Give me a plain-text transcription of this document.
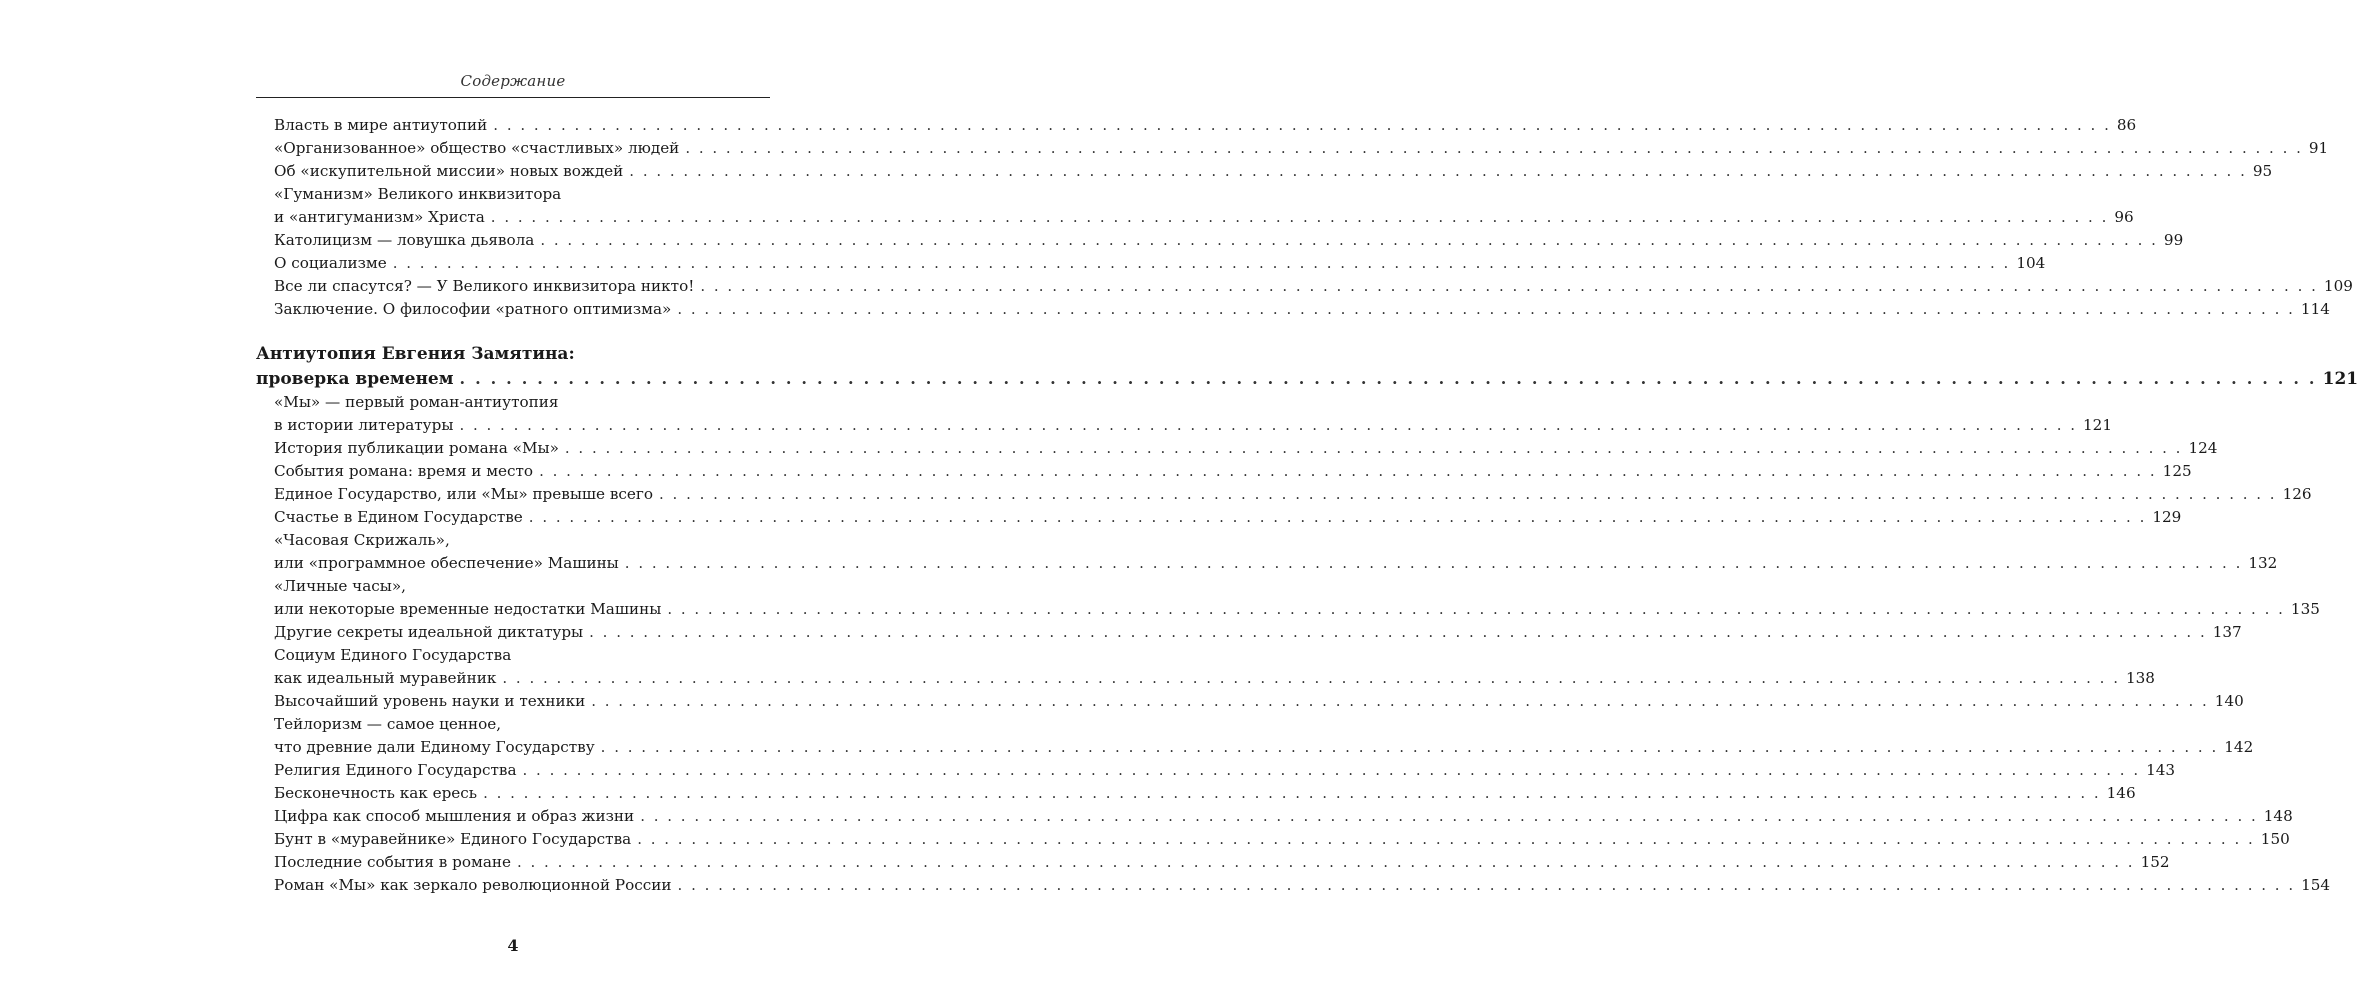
Содержание
Власть в мире антиутопий . . . . . . . . . . . . . . . . . . . . . . . . . . . . . . . . . . . . . . . . . . . . . . . . . . . . . . . . . . . . . . . . . . . . . . . . . . . . . . . . . . . . . . . . . . . . . . . . . . . . . . . . . . . . . . . . . . . . . . . . 86
«Организованное» общество «счастливых» людей . . . . . . . . . . . . . . . . . . . . . . . . . . . . . . . . . . . . . . . . . . . . . . . . . . . . . . . . . . . . . . . . . . . . . . . . . . . . . . . . . . . . . . . . . . . . . . . . . . . . . . . . . . . . . . . . . . . . . . . . 91
Об «искупительной миссии» новых вождей . . . . . . . . . . . . . . . . . . . . . . . . . . . . . . . . . . . . . . . . . . . . . . . . . . . . . . . . . . . . . . . . . . . . . . . . . . . . . . . . . . . . . . . . . . . . . . . . . . . . . . . . . . . . . . . . . . . . . . . . 95
«Гуманизм» Великого инквизитора
и «антигуманизм» Христа . . . . . . . . . . . . . . . . . . . . . . . . . . . . . . . . . . . . . . . . . . . . . . . . . . . . . . . . . . . . . . . . . . . . . . . . . . . . . . . . . . . . . . . . . . . . . . . . . . . . . . . . . . . . . . . . . . . . . . . . 96
Католицизм — ловушка дьявола . . . . . . . . . . . . . . . . . . . . . . . . . . . . . . . . . . . . . . . . . . . . . . . . . . . . . . . . . . . . . . . . . . . . . . . . . . . . . . . . . . . . . . . . . . . . . . . . . . . . . . . . . . . . . . . . . . . . . . . . 99
О социализме . . . . . . . . . . . . . . . . . . . . . . . . . . . . . . . . . . . . . . . . . . . . . . . . . . . . . . . . . . . . . . . . . . . . . . . . . . . . . . . . . . . . . . . . . . . . . . . . . . . . . . . . . . . . . . . . . . . . . . . . 104
Все ли спасутся? — У Великого инквизитора никто! . . . . . . . . . . . . . . . . . . . . . . . . . . . . . . . . . . . . . . . . . . . . . . . . . . . . . . . . . . . . . . . . . . . . . . . . . . . . . . . . . . . . . . . . . . . . . . . . . . . . . . . . . . . . . . . . . . . . . . . . 109
Заключение. О философии «ратного оптимизма» . . . . . . . . . . . . . . . . . . . . . . . . . . . . . . . . . . . . . . . . . . . . . . . . . . . . . . . . . . . . . . . . . . . . . . . . . . . . . . . . . . . . . . . . . . . . . . . . . . . . . . . . . . . . . . . . . . . . . . . . 114
Антиутопия Евгения Замятина:
проверка временем . . . . . . . . . . . . . . . . . . . . . . . . . . . . . . . . . . . . . . . . . . . . . . . . . . . . . . . . . . . . . . . . . . . . . . . . . . . . . . . . . . . . . . . . . . . . . . . . . . . . . . . . . . . . . . . . . . . . . . . . 121
«Мы» — первый роман-антиутопия
в истории литературы . . . . . . . . . . . . . . . . . . . . . . . . . . . . . . . . . . . . . . . . . . . . . . . . . . . . . . . . . . . . . . . . . . . . . . . . . . . . . . . . . . . . . . . . . . . . . . . . . . . . . . . . . . . . . . . . . . . . . . . . 121
История публикации романа «Мы» . . . . . . . . . . . . . . . . . . . . . . . . . . . . . . . . . . . . . . . . . . . . . . . . . . . . . . . . . . . . . . . . . . . . . . . . . . . . . . . . . . . . . . . . . . . . . . . . . . . . . . . . . . . . . . . . . . . . . . . . 124
События романа: время и место . . . . . . . . . . . . . . . . . . . . . . . . . . . . . . . . . . . . . . . . . . . . . . . . . . . . . . . . . . . . . . . . . . . . . . . . . . . . . . . . . . . . . . . . . . . . . . . . . . . . . . . . . . . . . . . . . . . . . . . . 125
Единое Государство, или «Мы» превыше всего . . . . . . . . . . . . . . . . . . . . . . . . . . . . . . . . . . . . . . . . . . . . . . . . . . . . . . . . . . . . . . . . . . . . . . . . . . . . . . . . . . . . . . . . . . . . . . . . . . . . . . . . . . . . . . . . . . . . . . . . 126
Счастье в Едином Государстве . . . . . . . . . . . . . . . . . . . . . . . . . . . . . . . . . . . . . . . . . . . . . . . . . . . . . . . . . . . . . . . . . . . . . . . . . . . . . . . . . . . . . . . . . . . . . . . . . . . . . . . . . . . . . . . . . . . . . . . . 129
«Часовая Скрижаль»,
или «программное обеспечение» Машины . . . . . . . . . . . . . . . . . . . . . . . . . . . . . . . . . . . . . . . . . . . . . . . . . . . . . . . . . . . . . . . . . . . . . . . . . . . . . . . . . . . . . . . . . . . . . . . . . . . . . . . . . . . . . . . . . . . . . . . . 132
«Личные часы»,
или некоторые временные недостатки Машины . . . . . . . . . . . . . . . . . . . . . . . . . . . . . . . . . . . . . . . . . . . . . . . . . . . . . . . . . . . . . . . . . . . . . . . . . . . . . . . . . . . . . . . . . . . . . . . . . . . . . . . . . . . . . . . . . . . . . . . . 135
Другие секреты идеальной диктатуры . . . . . . . . . . . . . . . . . . . . . . . . . . . . . . . . . . . . . . . . . . . . . . . . . . . . . . . . . . . . . . . . . . . . . . . . . . . . . . . . . . . . . . . . . . . . . . . . . . . . . . . . . . . . . . . . . . . . . . . . 137
Социум Единого Государства
как идеальный муравейник . . . . . . . . . . . . . . . . . . . . . . . . . . . . . . . . . . . . . . . . . . . . . . . . . . . . . . . . . . . . . . . . . . . . . . . . . . . . . . . . . . . . . . . . . . . . . . . . . . . . . . . . . . . . . . . . . . . . . . . . 138
Высочайший уровень науки и техники . . . . . . . . . . . . . . . . . . . . . . . . . . . . . . . . . . . . . . . . . . . . . . . . . . . . . . . . . . . . . . . . . . . . . . . . . . . . . . . . . . . . . . . . . . . . . . . . . . . . . . . . . . . . . . . . . . . . . . . . 140
Тейлоризм — самое ценное,
что древние дали Единому Государству . . . . . . . . . . . . . . . . . . . . . . . . . . . . . . . . . . . . . . . . . . . . . . . . . . . . . . . . . . . . . . . . . . . . . . . . . . . . . . . . . . . . . . . . . . . . . . . . . . . . . . . . . . . . . . . . . . . . . . . . 142
Религия Единого Государства . . . . . . . . . . . . . . . . . . . . . . . . . . . . . . . . . . . . . . . . . . . . . . . . . . . . . . . . . . . . . . . . . . . . . . . . . . . . . . . . . . . . . . . . . . . . . . . . . . . . . . . . . . . . . . . . . . . . . . . . 143
Бесконечность как ересь . . . . . . . . . . . . . . . . . . . . . . . . . . . . . . . . . . . . . . . . . . . . . . . . . . . . . . . . . . . . . . . . . . . . . . . . . . . . . . . . . . . . . . . . . . . . . . . . . . . . . . . . . . . . . . . . . . . . . . . . 146
Цифра как способ мышления и образ жизни . . . . . . . . . . . . . . . . . . . . . . . . . . . . . . . . . . . . . . . . . . . . . . . . . . . . . . . . . . . . . . . . . . . . . . . . . . . . . . . . . . . . . . . . . . . . . . . . . . . . . . . . . . . . . . . . . . . . . . . . 148
Бунт в «муравейнике» Единого Государства . . . . . . . . . . . . . . . . . . . . . . . . . . . . . . . . . . . . . . . . . . . . . . . . . . . . . . . . . . . . . . . . . . . . . . . . . . . . . . . . . . . . . . . . . . . . . . . . . . . . . . . . . . . . . . . . . . . . . . . . 150
Последние события в романе . . . . . . . . . . . . . . . . . . . . . . . . . . . . . . . . . . . . . . . . . . . . . . . . . . . . . . . . . . . . . . . . . . . . . . . . . . . . . . . . . . . . . . . . . . . . . . . . . . . . . . . . . . . . . . . . . . . . . . . . 152
Роман «Мы» как зеркало революционной России . . . . . . . . . . . . . . . . . . . . . . . . . . . . . . . . . . . . . . . . . . . . . . . . . . . . . . . . . . . . . . . . . . . . . . . . . . . . . . . . . . . . . . . . . . . . . . . . . . . . . . . . . . . . . . . . . . . . . . . . 154
4
